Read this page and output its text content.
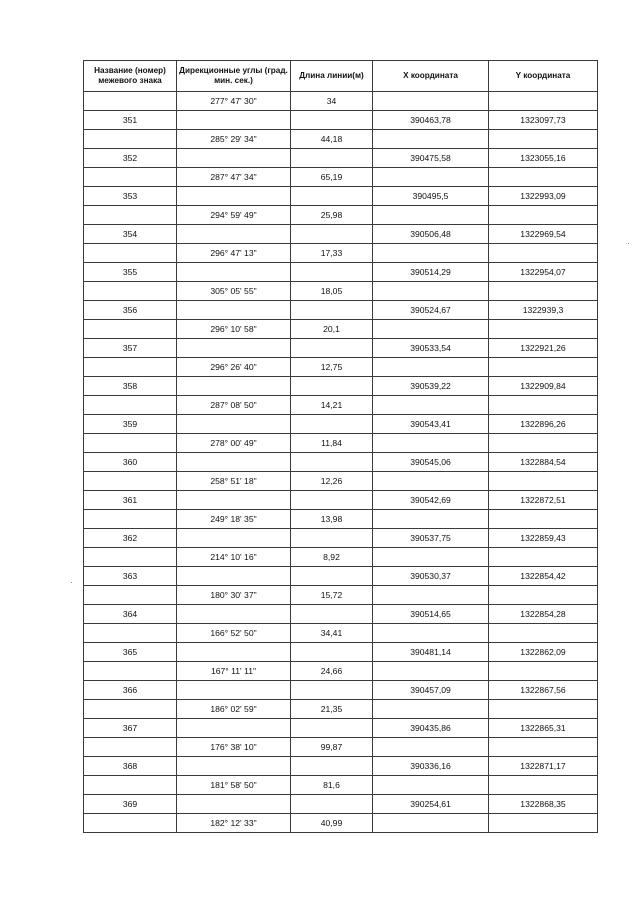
Название (номер) межевого знака	Дирекционные углы (град. мин. сек.)	Длина линии(м)	X координата	Y координата
	277° 47' 30"	34		
351			390463,78	1323097,73
	285° 29' 34"	44,18		
352			390475,58	1323055,16
	287° 47' 34"	65,19		
353			390495,5	1322993,09
	294° 59' 49"	25,98		
354			390506,48	1322969,54
	296° 47' 13"	17,33		
355			390514,29	1322954,07
	305° 05' 55"	18,05		
356			390524,67	1322939,3
	296° 10' 58"	20,1		
357			390533,54	1322921,26
	296° 26' 40"	12,75		
358			390539,22	1322909,84
	287° 08' 50"	14,21		
359			390543,41	1322896,26
	278° 00' 49"	11,84		
360			390545,06	1322884,54
	258° 51' 18"	12,26		
361			390542,69	1322872,51
	249° 18' 35"	13,98		
362			390537,75	1322859,43
	214° 10' 16"	8,92		
363			390530,37	1322854,42
	180° 30' 37"	15,72		
364			390514,65	1322854,28
	166° 52' 50"	34,41		
365			390481,14	1322862,09
	167° 11' 11"	24,66		
366			390457,09	1322867,56
	186° 02' 59"	21,35		
367			390435,86	1322865,31
	176° 38' 10"	99,87		
368			390336,16	1322871,17
	181° 58' 50"	81,6		
369			390254,61	1322868,35
	182° 12' 33"	40,99		
